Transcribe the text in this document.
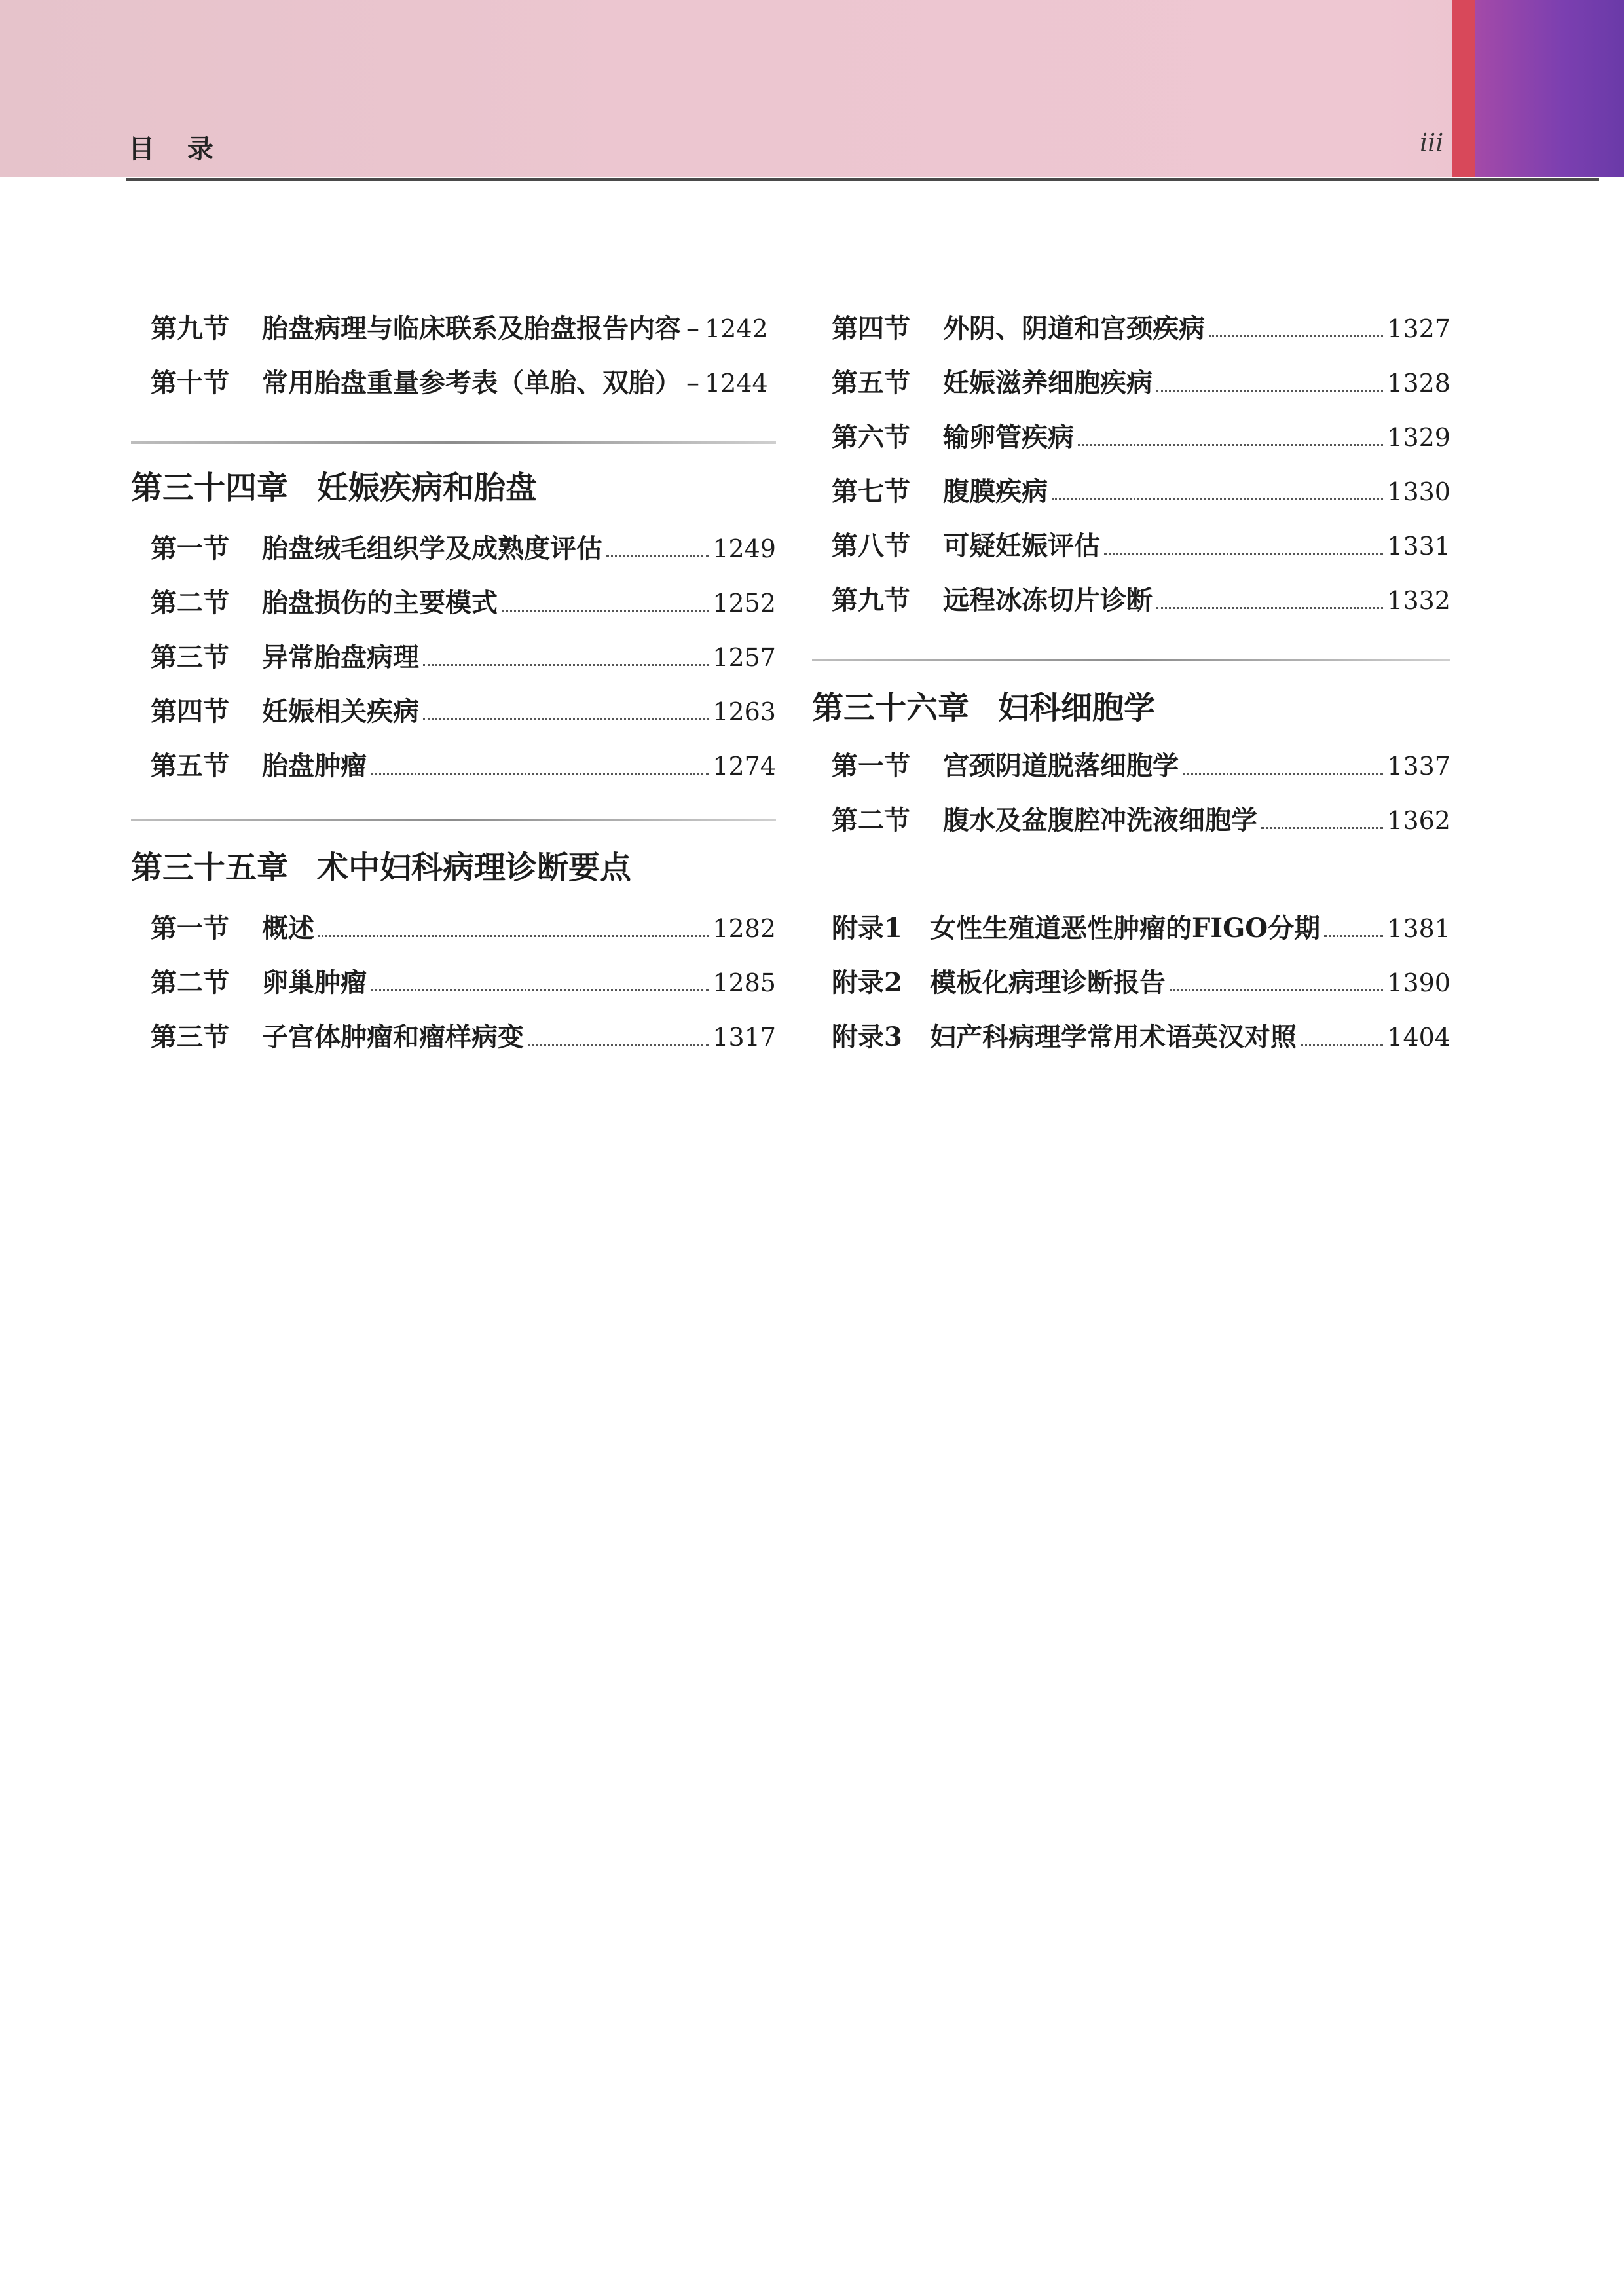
目 录	iii
第九节	胎盘病理与临床联系及胎盘报告内容 – 1242
第十节	常用胎盘重量参考表（单胎、双胎） – 1244
第三十四章 妊娠疾病和胎盘
第一节	胎盘绒毛组织学及成熟度评估	1249
第二节	胎盘损伤的主要模式	1252
第三节	异常胎盘病理	1257
第四节	妊娠相关疾病	1263
第五节	胎盘肿瘤	1274
第三十五章 术中妇科病理诊断要点
第一节	概述	1282
第二节	卵巢肿瘤	1285
第三节	子宫体肿瘤和瘤样病变	1317
第四节	外阴、阴道和宫颈疾病	1327
第五节	妊娠滋养细胞疾病	1328
第六节	输卵管疾病	1329
第七节	腹膜疾病	1330
第八节	可疑妊娠评估	1331
第九节	远程冰冻切片诊断	1332
第三十六章 妇科细胞学
第一节	宫颈阴道脱落细胞学	1337
第二节	腹水及盆腹腔冲洗液细胞学	1362
附录1	女性生殖道恶性肿瘤的FIGO分期	1381
附录2	模板化病理诊断报告	1390
附录3	妇产科病理学常用术语英汉对照	1404
